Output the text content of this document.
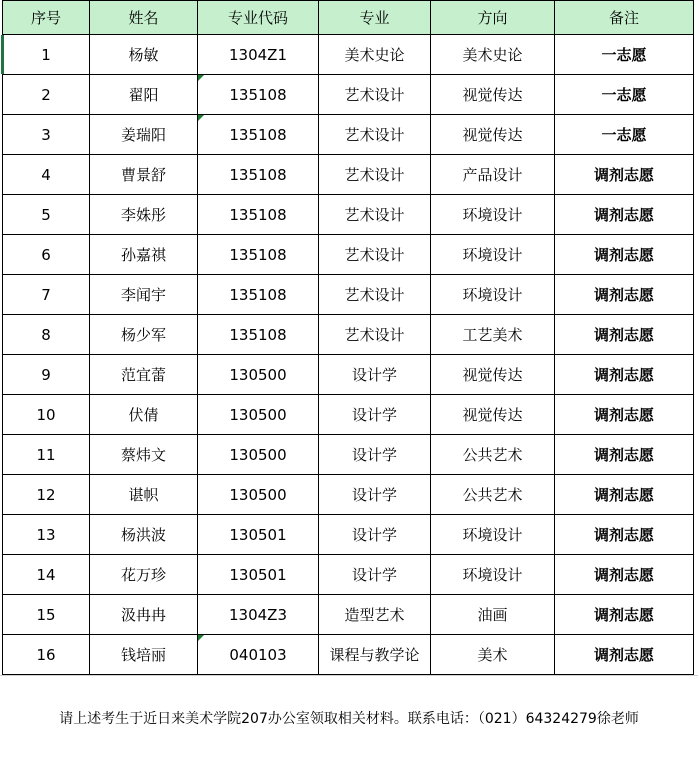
序号	姓名	专业代码	专业	方向	备注
1	杨敏	1304Z1	美术史论	美术史论	一志愿
2	翟阳	135108	艺术设计	视觉传达	一志愿
3	姜瑞阳	135108	艺术设计	视觉传达	一志愿
4	曹景舒	135108	艺术设计	产品设计	调剂志愿
5	李姝彤	135108	艺术设计	环境设计	调剂志愿
6	孙嘉祺	135108	艺术设计	环境设计	调剂志愿
7	李闻宇	135108	艺术设计	环境设计	调剂志愿
8	杨少军	135108	艺术设计	工艺美术	调剂志愿
9	范宜蕾	130500	设计学	视觉传达	调剂志愿
10	伏倩	130500	设计学	视觉传达	调剂志愿
11	蔡炜文	130500	设计学	公共艺术	调剂志愿
12	谌帜	130500	设计学	公共艺术	调剂志愿
13	杨洪波	130501	设计学	环境设计	调剂志愿
14	花万珍	130501	设计学	环境设计	调剂志愿
15	汲冉冉	1304Z3	造型艺术	油画	调剂志愿
16	钱培丽	040103	课程与教学论	美术	调剂志愿
请上述考生于近日来美术学院207办公室领取相关材料。联系电话：（021）64324279徐老师
